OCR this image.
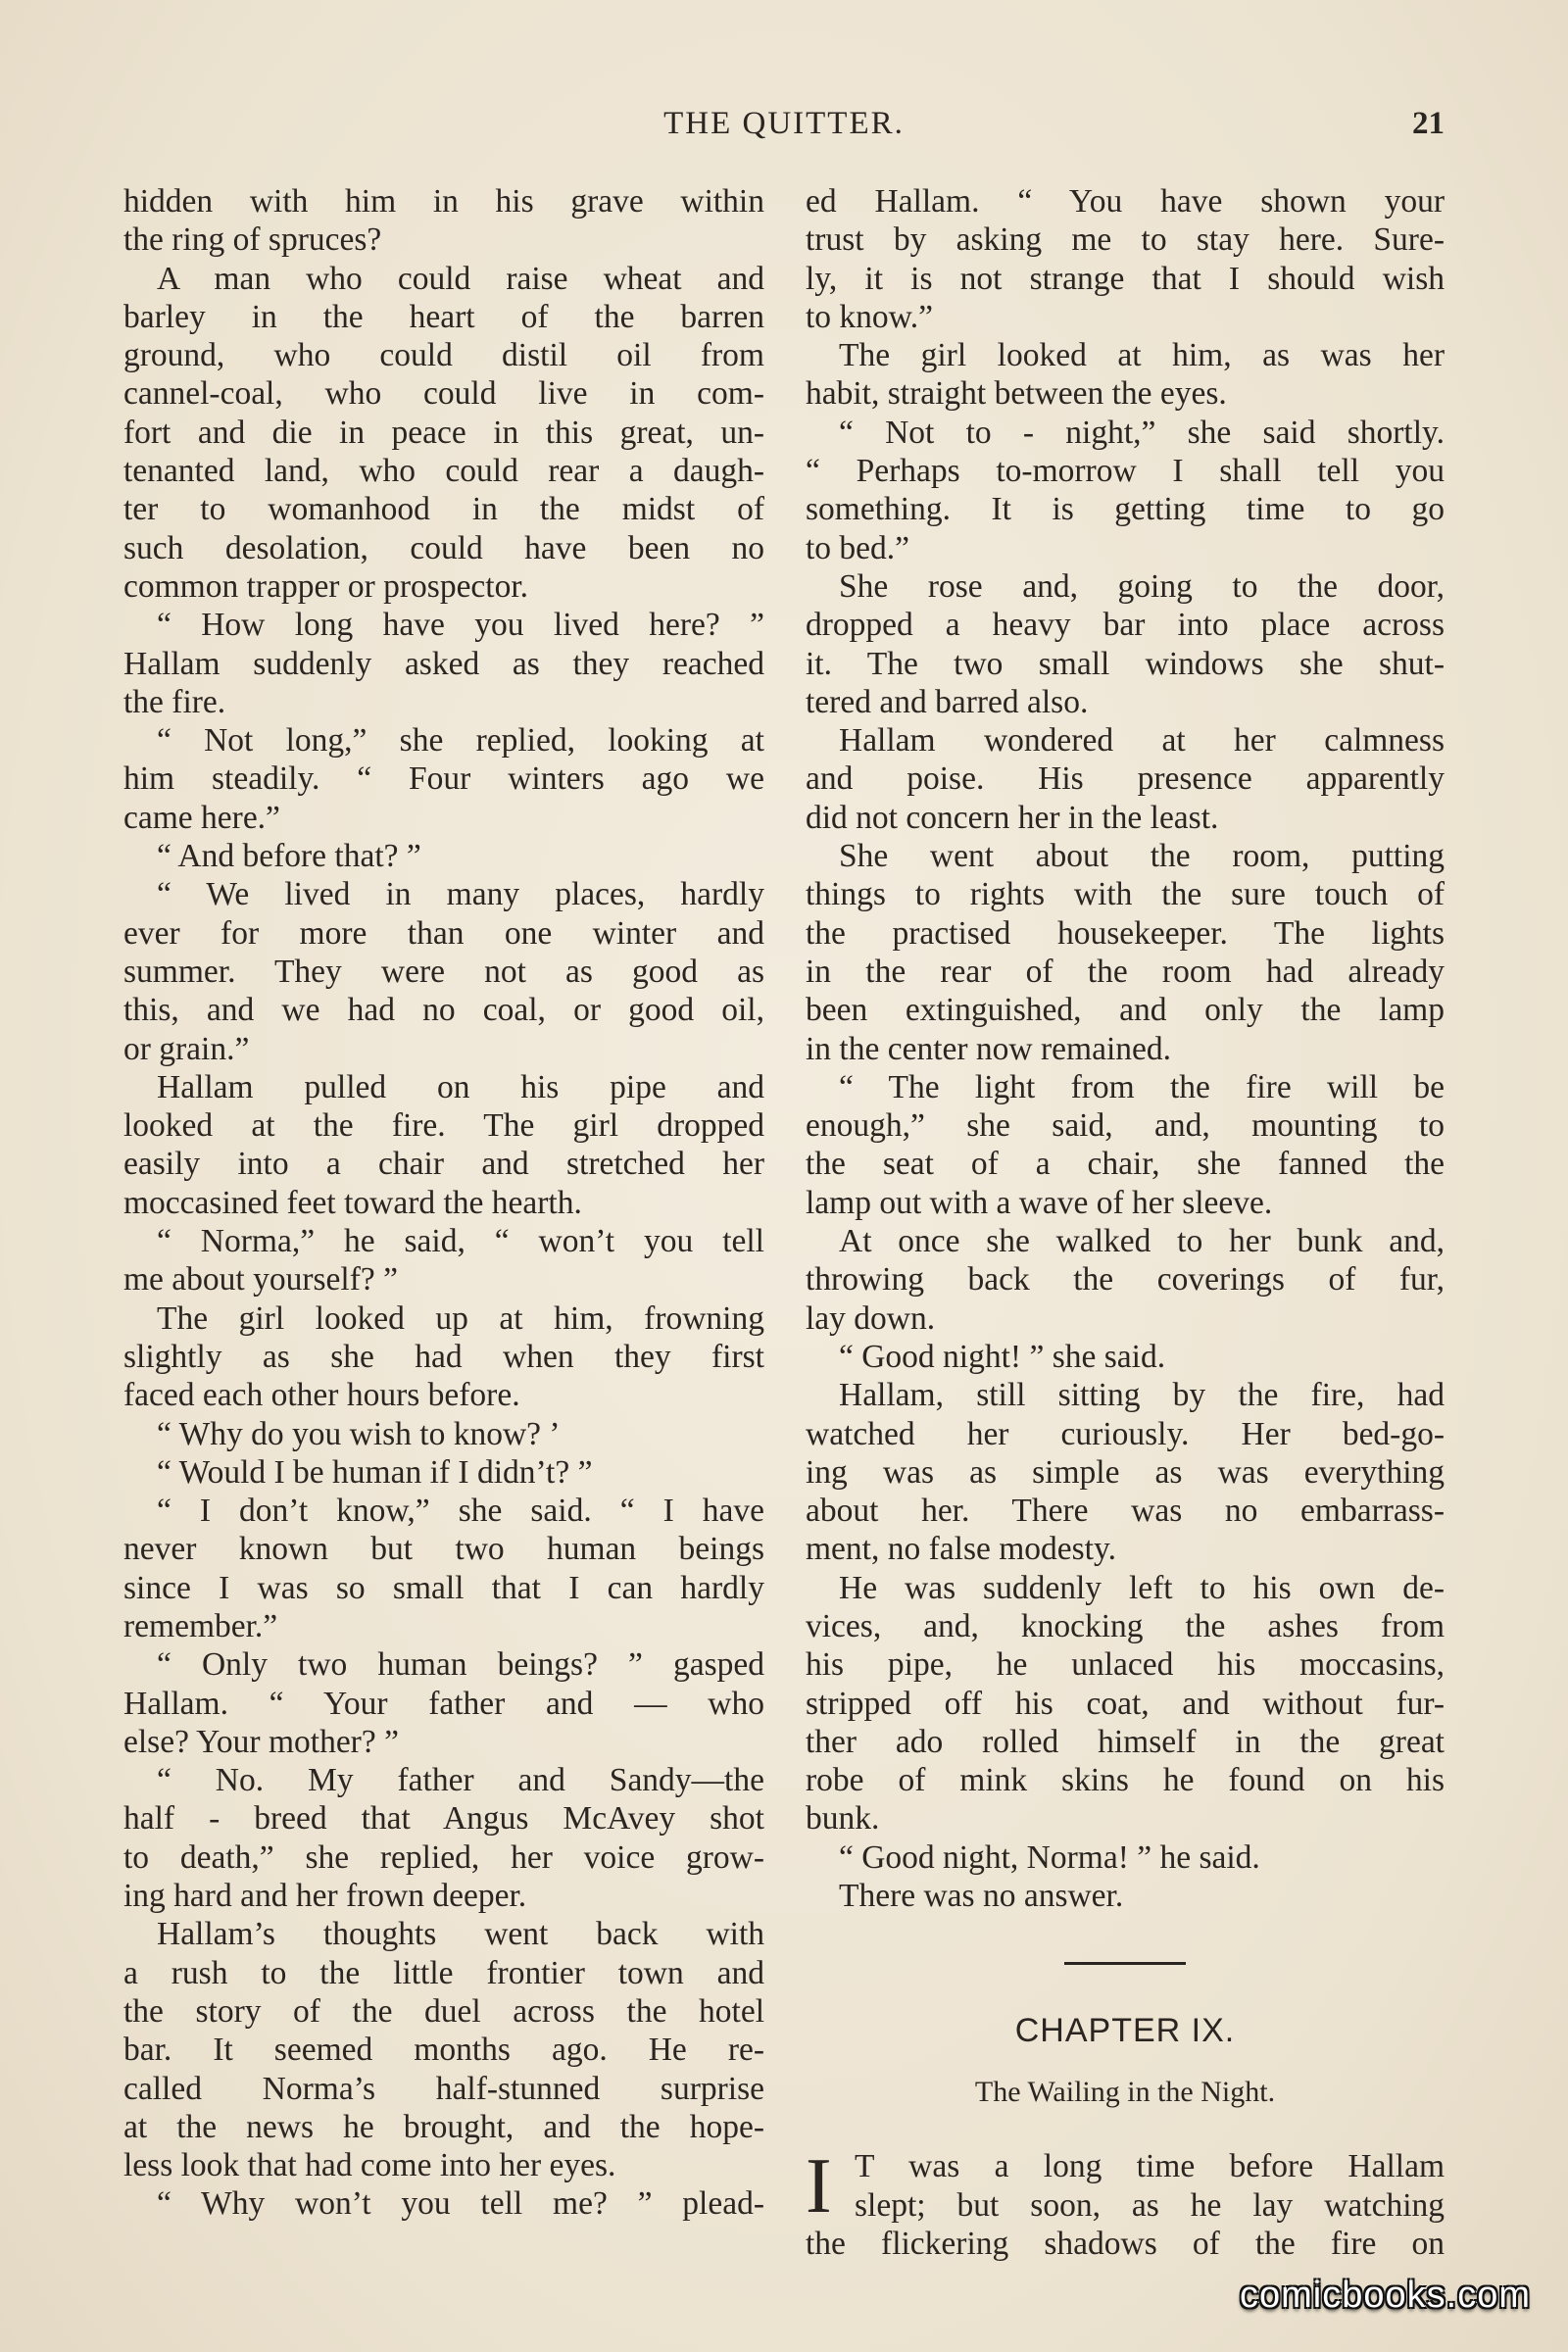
THE QUITTER.	21
hidden with him in his grave within
the ring of spruces?
A man who could raise wheat and
barley in the heart of the barren
ground, who could distil oil from
cannel-coal, who could live in com-
fort and die in peace in this great, un-
tenanted land, who could rear a daugh-
ter to womanhood in the midst of
such desolation, could have been no
common trapper or prospector.
“ How long have you lived here? ”
Hallam suddenly asked as they reached
the fire.
“ Not long,” she replied, looking at
him steadily. “ Four winters ago we
came here.”
“ And before that? ”
“ We lived in many places, hardly
ever for more than one winter and
summer. They were not as good as
this, and we had no coal, or good oil,
or grain.”
Hallam pulled on his pipe and
looked at the fire. The girl dropped
easily into a chair and stretched her
moccasined feet toward the hearth.
“ Norma,” he said, “ won’t you tell
me about yourself? ”
The girl looked up at him, frowning
slightly as she had when they first
faced each other hours before.
“ Why do you wish to know? ’
“ Would I be human if I didn’t? ”
“ I don’t know,” she said. “ I have
never known but two human beings
since I was so small that I can hardly
remember.”
“ Only two human beings? ” gasped
Hallam. “ Your father and — who
else? Your mother? ”
“ No. My father and Sandy—the
half - breed that Angus McAvey shot
to death,” she replied, her voice grow-
ing hard and her frown deeper.
Hallam’s thoughts went back with
a rush to the little frontier town and
the story of the duel across the hotel
bar. It seemed months ago. He re-
called Norma’s half-stunned surprise
at the news he brought, and the hope-
less look that had come into her eyes.
“ Why won’t you tell me? ” plead-
ed Hallam. “ You have shown your
trust by asking me to stay here. Sure-
ly, it is not strange that I should wish
to know.”
The girl looked at him, as was her
habit, straight between the eyes.
“ Not to - night,” she said shortly.
“ Perhaps to-morrow I shall tell you
something. It is getting time to go
to bed.”
She rose and, going to the door,
dropped a heavy bar into place across
it. The two small windows she shut-
tered and barred also.
Hallam wondered at her calmness
and poise. His presence apparently
did not concern her in the least.
She went about the room, putting
things to rights with the sure touch of
the practised housekeeper. The lights
in the rear of the room had already
been extinguished, and only the lamp
in the center now remained.
“ The light from the fire will be
enough,” she said, and, mounting to
the seat of a chair, she fanned the
lamp out with a wave of her sleeve.
At once she walked to her bunk and,
throwing back the coverings of fur,
lay down.
“ Good night! ” she said.
Hallam, still sitting by the fire, had
watched her curiously. Her bed-go-
ing was as simple as was everything
about her. There was no embarrass-
ment, no false modesty.
He was suddenly left to his own de-
vices, and, knocking the ashes from
his pipe, he unlaced his moccasins,
stripped off his coat, and without fur-
ther ado rolled himself in the great
robe of mink skins he found on his
bunk.
“ Good night, Norma! ” he said.
There was no answer.
CHAPTER IX.
The Wailing in the Night.
I T was a long time before Hallam
slept; but soon, as he lay watching
the flickering shadows of the fire on
comicbooks.com
